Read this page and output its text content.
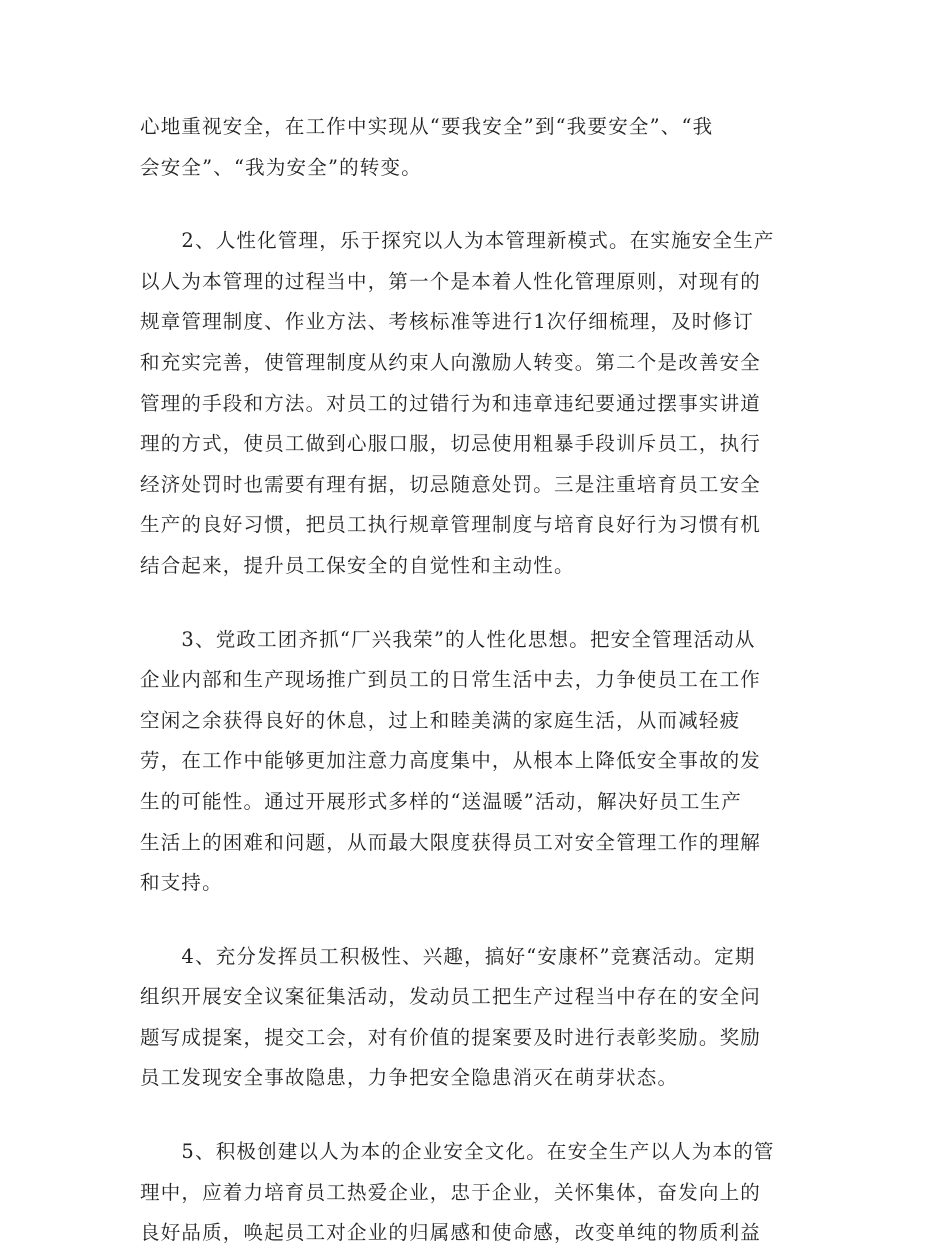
心地重视安全，在工作中实现从“要我安全”到“我要安全”、“我
会安全”、“我为安全”的转变。
　　2、人性化管理，乐于探究以人为本管理新模式。在实施安全生产
以人为本管理的过程当中，第一个是本着人性化管理原则，对现有的
规章管理制度、作业方法、考核标准等进行1次仔细梳理，及时修订
和充实完善，使管理制度从约束人向激励人转变。第二个是改善安全
管理的手段和方法。对员工的过错行为和违章违纪要通过摆事实讲道
理的方式，使员工做到心服口服，切忌使用粗暴手段训斥员工，执行
经济处罚时也需要有理有据，切忌随意处罚。三是注重培育员工安全
生产的良好习惯，把员工执行规章管理制度与培育良好行为习惯有机
结合起来，提升员工保安全的自觉性和主动性。
　　3、党政工团齐抓“厂兴我荣”的人性化思想。把安全管理活动从
企业内部和生产现场推广到员工的日常生活中去，力争使员工在工作
空闲之余获得良好的休息，过上和睦美满的家庭生活，从而减轻疲
劳，在工作中能够更加注意力高度集中，从根本上降低安全事故的发
生的可能性。通过开展形式多样的“送温暖”活动，解决好员工生产
生活上的困难和问题，从而最大限度获得员工对安全管理工作的理解
和支持。
　　4、充分发挥员工积极性、兴趣，搞好“安康杯”竞赛活动。定期
组织开展安全议案征集活动，发动员工把生产过程当中存在的安全问
题写成提案，提交工会，对有价值的提案要及时进行表彰奖励。奖励
员工发现安全事故隐患，力争把安全隐患消灭在萌芽状态。
　　5、积极创建以人为本的企业安全文化。在安全生产以人为本的管
理中，应着力培育员工热爱企业，忠于企业，关怀集体，奋发向上的
良好品质，唤起员工对企业的归属感和使命感，改变单纯的物质利益
